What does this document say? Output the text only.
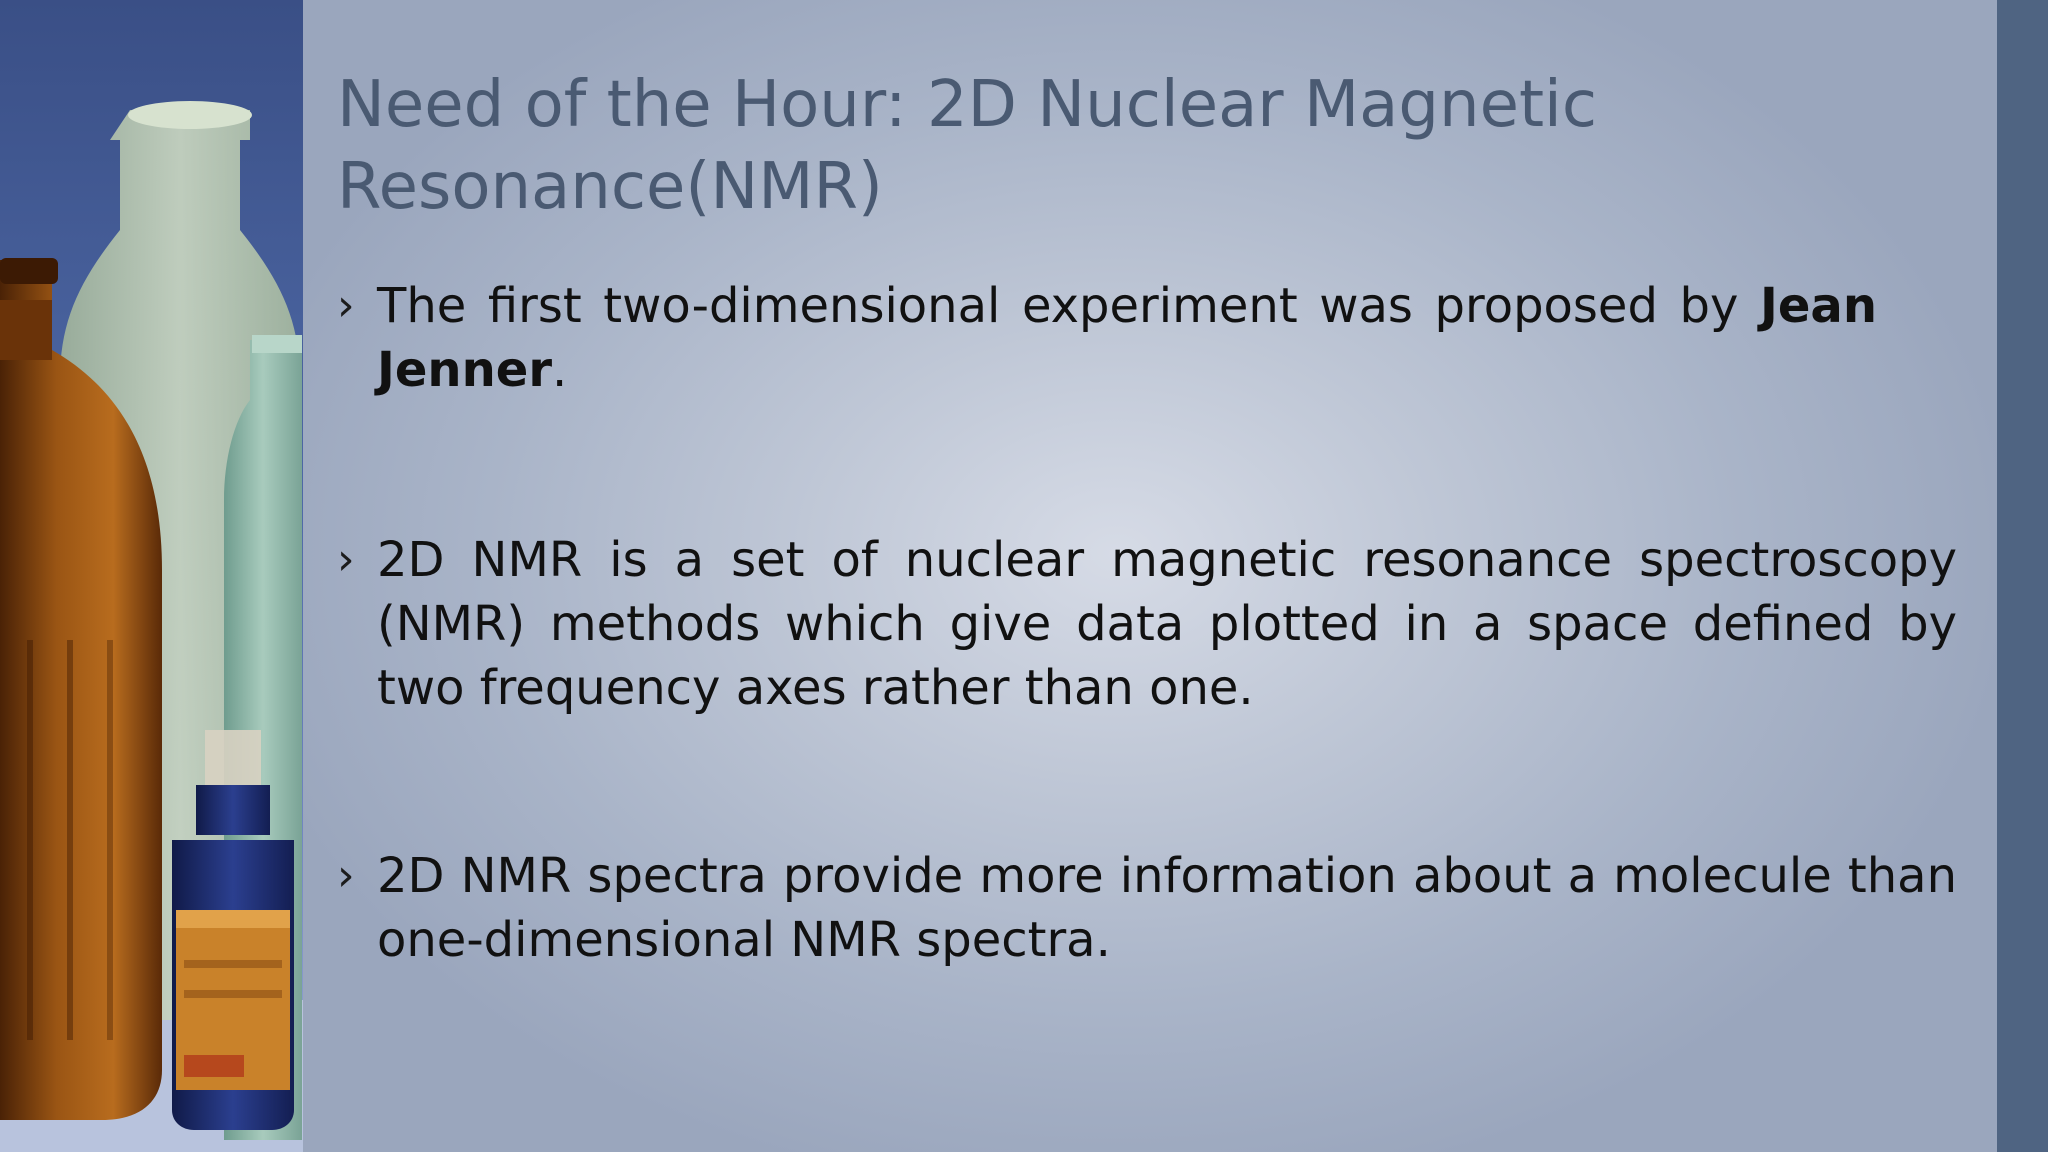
Need of the Hour: 2D Nuclear Magnetic Resonance(NMR)
› The first two-dimensional experiment was proposed by Jean Jenner.
› 2D NMR is a set of nuclear magnetic resonance spectroscopy (NMR) methods which give data plotted in a space defined by two frequency axes rather than one.
› 2D NMR spectra provide more information about a molecule than one-dimensional NMR spectra.
